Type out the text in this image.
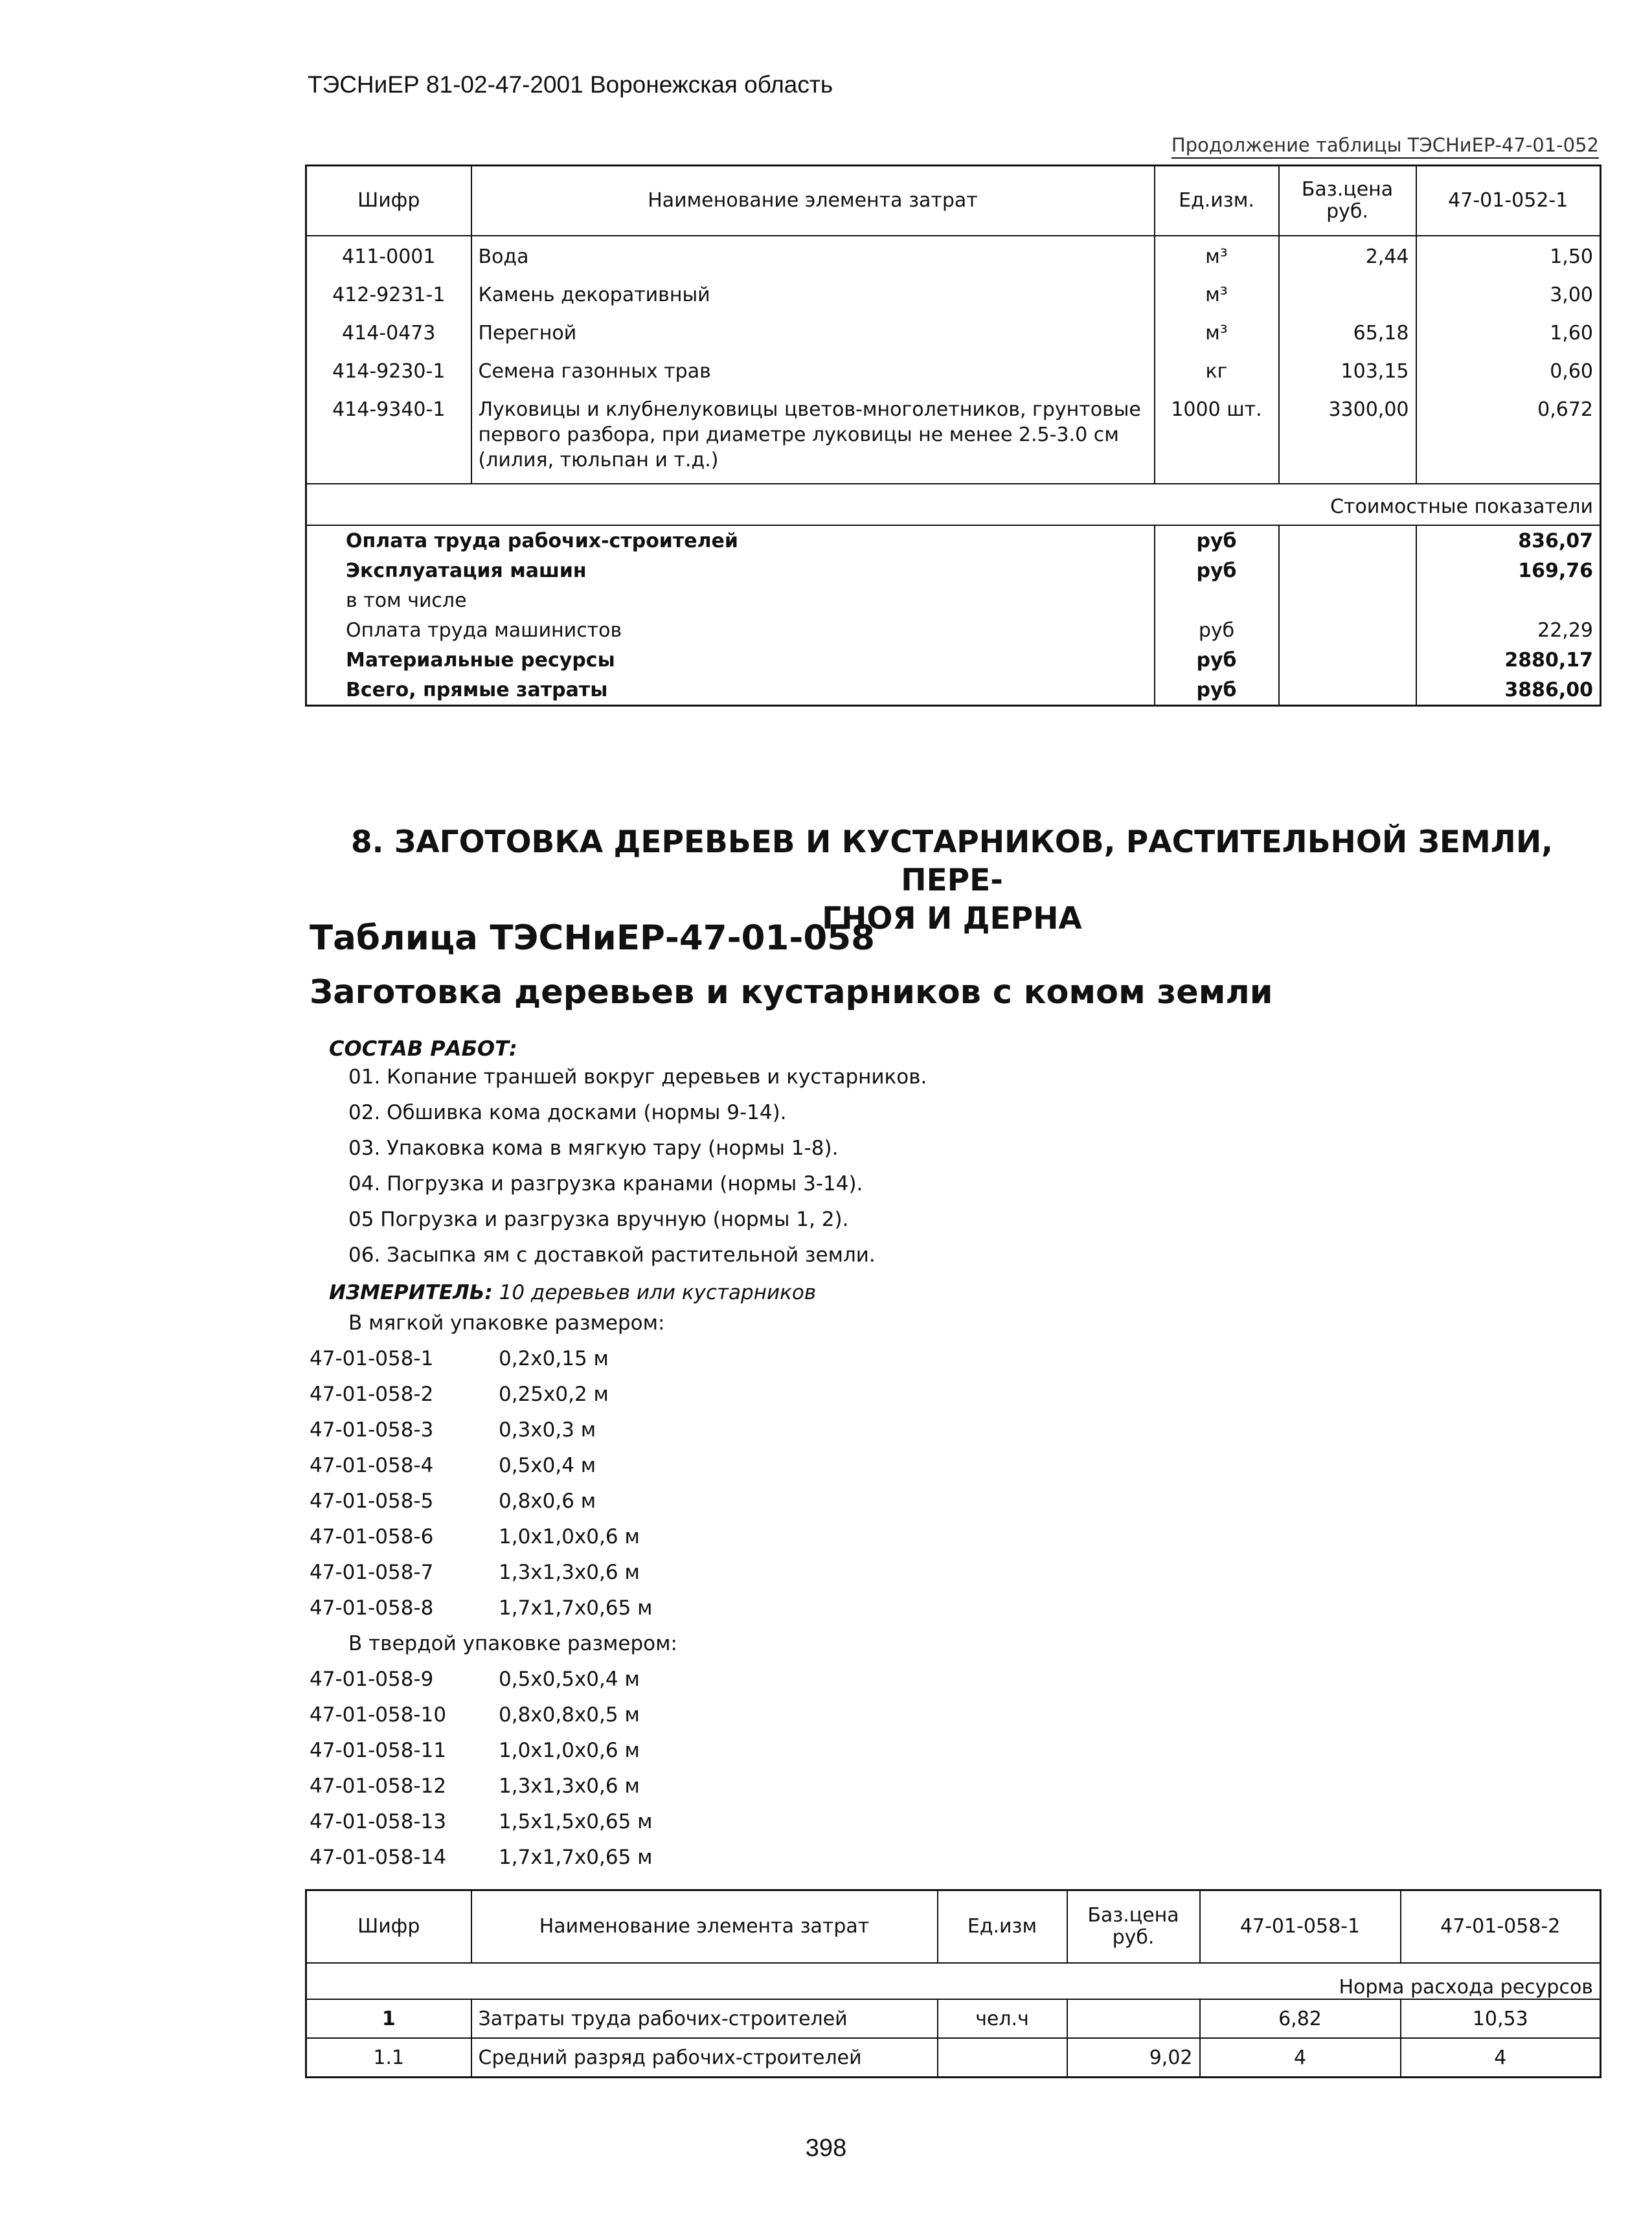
ТЭСНиЕР 81-02-47-2001 Воронежская область
Продолжение таблицы ТЭСНиЕР-47-01-052
Шифр	Наименование элемента затрат	Ед.изм.	Баз.цена руб.	47-01-052-1
411-0001	Вода	м³	2,44	1,50
412-9231-1	Камень декоративный	м³		3,00
414-0473	Перегной	м³	65,18	1,60
414-9230-1	Семена газонных трав	кг	103,15	0,60
414-9340-1	Луковицы и клубнелуковицы цветов-многолетников, грунтовые первого разбора, при диаметре луковицы не менее 2.5-3.0 см (лилия, тюльпан и т.д.)	1000 шт.	3300,00	0,672
Стоимостные показатели				
Оплата труда рабочих-строителей		руб		836,07
Эксплуатация машин		руб		169,76
в том числе				
Оплата труда машинистов		руб		22,29
Материальные ресурсы		руб		2880,17
Всего, прямые затраты		руб		3886,00
8. ЗАГОТОВКА ДЕРЕВЬЕВ И КУСТАРНИКОВ, РАСТИТЕЛЬНОЙ ЗЕМЛИ, ПЕРЕ-
ГНОЯ И ДЕРНА
Таблица ТЭСНиЕР-47-01-058
Заготовка деревьев и кустарников с комом земли
СОСТАВ РАБОТ:
01. Копание траншей вокруг деревьев и кустарников.
02. Обшивка кома досками (нормы 9-14).
03. Упаковка кома в мягкую тару (нормы 1-8).
04. Погрузка и разгрузка кранами (нормы 3-14).
05 Погрузка и разгрузка вручную (нормы 1, 2).
06. Засыпка ям с доставкой растительной земли.
ИЗМЕРИТЕЛЬ: 10 деревьев или кустарников
В мягкой упаковке размером:
47-01-058-1	0,2х0,15 м
47-01-058-2	0,25х0,2 м
47-01-058-3	0,3х0,3 м
47-01-058-4	0,5х0,4 м
47-01-058-5	0,8х0,6 м
47-01-058-6	1,0х1,0х0,6 м
47-01-058-7	1,3х1,3х0,6 м
47-01-058-8	1,7х1,7х0,65 м
В твердой упаковке размером:
47-01-058-9	0,5х0,5х0,4 м
47-01-058-10	0,8х0,8х0,5 м
47-01-058-11	1,0х1,0х0,6 м
47-01-058-12	1,3х1,3х0,6 м
47-01-058-13	1,5х1,5х0,65 м
47-01-058-14	1,7х1,7х0,65 м
Шифр	Наименование элемента затрат	Ед.изм	Баз.цена руб.	47-01-058-1	47-01-058-2
Норма расхода ресурсов					
1	Затраты труда рабочих-строителей	чел.ч		6,82	10,53
1.1	Средний разряд рабочих-строителей		9,02	4	4
398
